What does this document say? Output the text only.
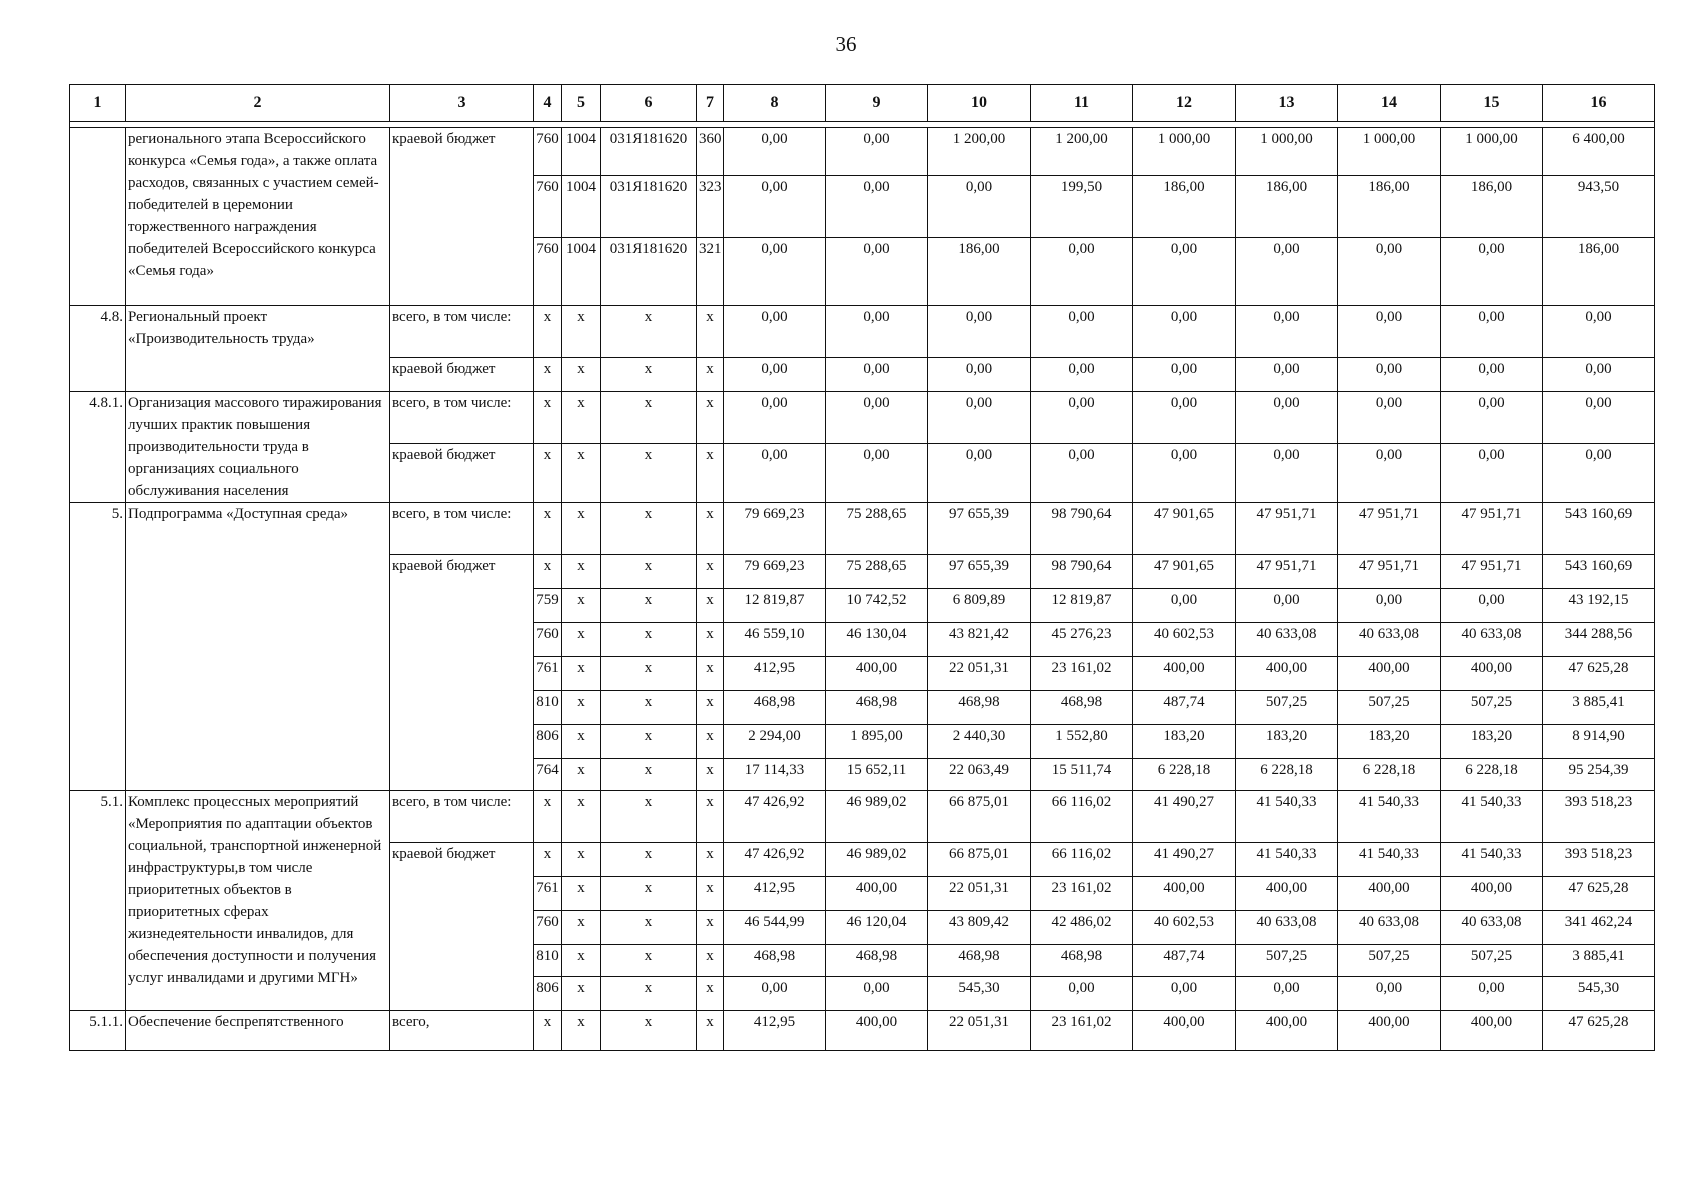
36
1	2	3	4	5	6	7	8	9	10	11	12	13	14	15	16

	регионального этапа Всероссийского конкурса «Семья года», а также оплата расходов, связанных с участием семей-победителей в церемонии торжественного награждения победителей Всероссийского конкурса «Семья года»	краевой бюджет	760	1004	031Я181620	360	0,00	0,00	1 200,00	1 200,00	1 000,00	1 000,00	1 000,00	1 000,00	6 400,00
			760	1004	031Я181620	323	0,00	0,00	0,00	199,50	186,00	186,00	186,00	186,00	943,50
			760	1004	031Я181620	321	0,00	0,00	186,00	0,00	0,00	0,00	0,00	0,00	186,00
4.8.	Региональный проект «Производительность труда»	всего, в том числе:	x	x	x	x	0,00	0,00	0,00	0,00	0,00	0,00	0,00	0,00	0,00
		краевой бюджет	x	x	x	x	0,00	0,00	0,00	0,00	0,00	0,00	0,00	0,00	0,00
4.8.1.	Организация массового тиражирования лучших практик повышения производительности труда в организациях социального обслуживания населения	всего, в том числе:	x	x	x	x	0,00	0,00	0,00	0,00	0,00	0,00	0,00	0,00	0,00
		краевой бюджет	x	x	x	x	0,00	0,00	0,00	0,00	0,00	0,00	0,00	0,00	0,00
5.	Подпрограмма «Доступная среда»	всего, в том числе:	x	x	x	x	79 669,23	75 288,65	97 655,39	98 790,64	47 901,65	47 951,71	47 951,71	47 951,71	543 160,69
		краевой бюджет	x	x	x	x	79 669,23	75 288,65	97 655,39	98 790,64	47 901,65	47 951,71	47 951,71	47 951,71	543 160,69
			759	x	x	x	12 819,87	10 742,52	6 809,89	12 819,87	0,00	0,00	0,00	0,00	43 192,15
			760	x	x	x	46 559,10	46 130,04	43 821,42	45 276,23	40 602,53	40 633,08	40 633,08	40 633,08	344 288,56
			761	x	x	x	412,95	400,00	22 051,31	23 161,02	400,00	400,00	400,00	400,00	47 625,28
			810	x	x	x	468,98	468,98	468,98	468,98	487,74	507,25	507,25	507,25	3 885,41
			806	x	x	x	2 294,00	1 895,00	2 440,30	1 552,80	183,20	183,20	183,20	183,20	8 914,90
			764	x	x	x	17 114,33	15 652,11	22 063,49	15 511,74	6 228,18	6 228,18	6 228,18	6 228,18	95 254,39
5.1.	Комплекс процессных мероприятий «Мероприятия по адаптации объектов социальной, транспортной инженерной инфраструктуры,в том числе приоритетных объектов в приоритетных сферах жизнедеятельности инвалидов, для обеспечения доступности и получения услуг инвалидами и другими МГН»	всего, в том числе:	x	x	x	x	47 426,92	46 989,02	66 875,01	66 116,02	41 490,27	41 540,33	41 540,33	41 540,33	393 518,23
		краевой бюджет	x	x	x	x	47 426,92	46 989,02	66 875,01	66 116,02	41 490,27	41 540,33	41 540,33	41 540,33	393 518,23
			761	x	x	x	412,95	400,00	22 051,31	23 161,02	400,00	400,00	400,00	400,00	47 625,28
			760	x	x	x	46 544,99	46 120,04	43 809,42	42 486,02	40 602,53	40 633,08	40 633,08	40 633,08	341 462,24
			810	x	x	x	468,98	468,98	468,98	468,98	487,74	507,25	507,25	507,25	3 885,41
			806	x	x	x	0,00	0,00	545,30	0,00	0,00	0,00	0,00	0,00	545,30
5.1.1.	Обеспечение беспрепятственного	всего,	x	x	x	x	412,95	400,00	22 051,31	23 161,02	400,00	400,00	400,00	400,00	47 625,28
